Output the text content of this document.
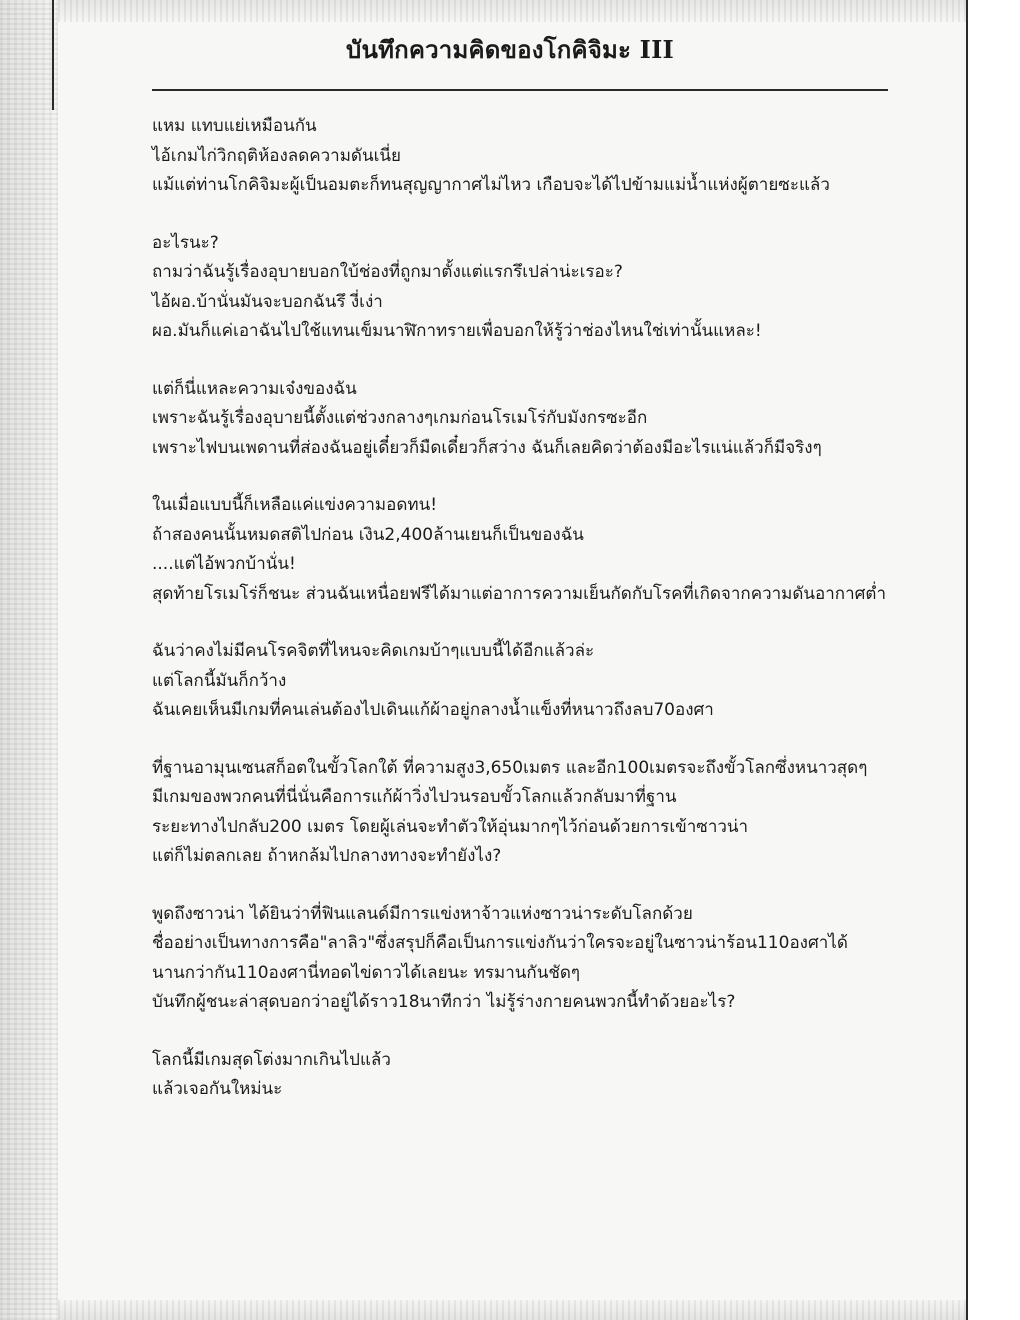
บันทึกความคิดของโกคิจิมะ III
แหม แทบแย่เหมือนกัน
ไอ้เกมไก่วิกฤติห้องลดความดันเนี่ย
แม้แต่ท่านโกคิจิมะผู้เป็นอมตะก็ทนสุญญากาศไม่ไหว เกือบจะได้ไปข้ามแม่น้ำแห่งผู้ตายซะแล้ว
อะไรนะ?
ถามว่าฉันรู้เรื่องอุบายบอกใบ้ช่องที่ถูกมาตั้งแต่แรกรึเปล่าน่ะเรอะ?
ไอ้ผอ.บ้านั่นมันจะบอกฉันรึ งี่เง่า
ผอ.มันก็แค่เอาฉันไปใช้แทนเข็มนาฬิกาทรายเพื่อบอกให้รู้ว่าช่องไหนใช่เท่านั้นแหละ!
แต่ก็นี่แหละความเจ๋งของฉัน
เพราะฉันรู้เรื่องอุบายนี้ตั้งแต่ช่วงกลางๆเกมก่อนโรเมโร่กับมังกรซะอีก
เพราะไฟบนเพดานที่ส่องฉันอยู่เดี๋ยวก็มืดเดี๋ยวก็สว่าง ฉันก็เลยคิดว่าต้องมีอะไรแน่แล้วก็มีจริงๆ
ในเมื่อแบบนี้ก็เหลือแค่แข่งความอดทน!
ถ้าสองคนนั้นหมดสติไปก่อน เงิน2,400ล้านเยนก็เป็นของฉัน
....แต่ไอ้พวกบ้านั่น!
สุดท้ายโรเมโร่ก็ชนะ ส่วนฉันเหนื่อยฟรีได้มาแต่อาการความเย็นกัดกับโรคที่เกิดจากความดันอากาศต่ำ
ฉันว่าคงไม่มีคนโรคจิตที่ไหนจะคิดเกมบ้าๆแบบนี้ได้อีกแล้วล่ะ
แต่โลกนี้มันก็กว้าง
ฉันเคยเห็นมีเกมที่คนเล่นต้องไปเดินแก้ผ้าอยู่กลางน้ำแข็งที่หนาวถึงลบ70องศา
ที่ฐานอามุนเซนสก็อตในขั้วโลกใต้ ที่ความสูง3,650เมตร และอีก100เมตรจะถึงขั้วโลกซึ่งหนาวสุดๆ
มีเกมของพวกคนที่นี่นั่นคือการแก้ผ้าวิ่งไปวนรอบขั้วโลกแล้วกลับมาที่ฐาน
ระยะทางไปกลับ200 เมตร โดยผู้เล่นจะทำตัวให้อุ่นมากๆไว้ก่อนด้วยการเข้าซาวน่า
แต่ก็ไม่ตลกเลย ถ้าหกล้มไปกลางทางจะทำยังไง?
พูดถึงซาวน่า ได้ยินว่าที่ฟินแลนด์มีการแข่งหาจ้าวแห่งซาวน่าระดับโลกด้วย
ชื่ออย่างเป็นทางการคือ"ลาลิว"ซึ่งสรุปก็คือเป็นการแข่งกันว่าใครจะอยู่ในซาวน่าร้อน110องศาได้
นานกว่ากัน110องศานี่ทอดไข่ดาวได้เลยนะ ทรมานกันชัดๆ
บันทึกผู้ชนะล่าสุดบอกว่าอยู่ได้ราว18นาทีกว่า ไม่รู้ร่างกายคนพวกนี้ทำด้วยอะไร?
โลกนี้มีเกมสุดโต่งมากเกินไปแล้ว
แล้วเจอกันใหม่นะ
